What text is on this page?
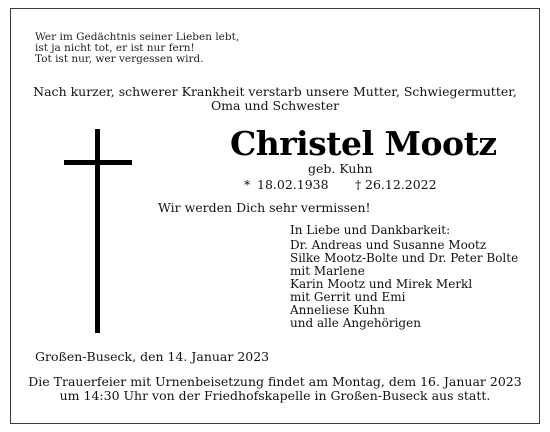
Wer im Gedächtnis seiner Lieben lebt,
ist ja nicht tot, er ist nur fern!
Tot ist nur, wer vergessen wird.
Nach kurzer, schwerer Krankheit verstarb unsere Mutter, Schwiegermutter,
Oma und Schwester
Christel Mootz
geb. Kuhn
* 18.02.1938 † 26.12.2022
Wir werden Dich sehr vermissen!
In Liebe und Dankbarkeit:
Dr. Andreas und Susanne Mootz
Silke Mootz-Bolte und Dr. Peter Bolte
mit Marlene
Karin Mootz und Mirek Merkl
mit Gerrit und Emi
Anneliese Kuhn
und alle Angehörigen
Großen-Buseck, den 14. Januar 2023
Die Trauerfeier mit Urnenbeisetzung findet am Montag, dem 16. Januar 2023
um 14:30 Uhr von der Friedhofskapelle in Großen-Buseck aus statt.
